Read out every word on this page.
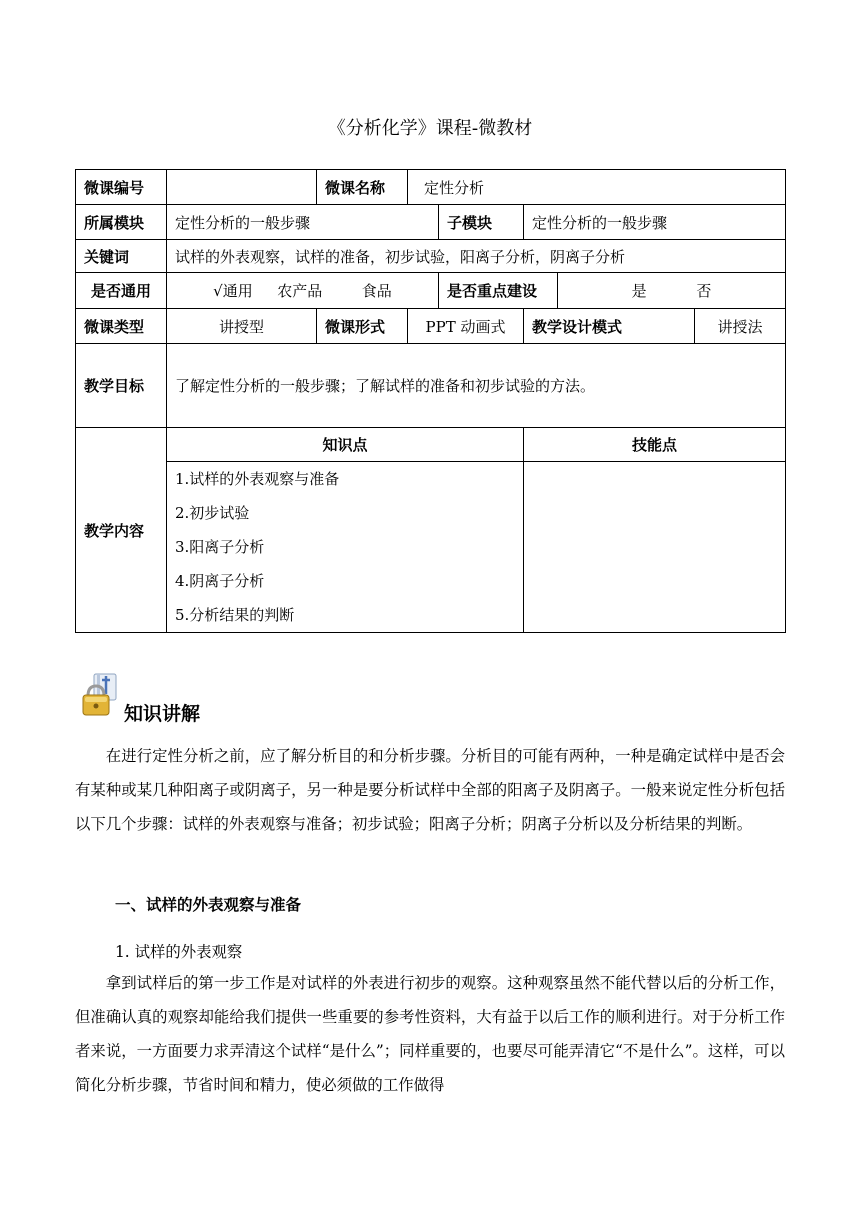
《分析化学》课程-微教材
微课编号		微课名称	定性分析				
所属模块	定性分析的一般步骤			子模块	定性分析的一般步骤		
关键词	试样的外表观察，试样的准备，初步试验，阳离子分析，阴离子分析						
是否通用	√通用 　 农产品 　 　食品			是否重点建设		是　 　　否	
微课类型	讲授型	微课形式	PPT 动画式		教学设计模式		讲授法
教学目标	了解定性分析的一般步骤；了解试样的准备和初步试验的方法。						
教学内容	知识点				技能点		

	1.试样的外表观察与准备
2.初步试验
3.阳离子分析
4.阴离子分析
5.分析结果的判断						

知识讲解

在进行定性分析之前，应了解分析目的和分析步骤。分析目的可能有两种，一种是确定试样中是否会有某种或某几种阳离子或阴离子，另一种是要分析试样中全部的阳离子及阴离子。一般来说定性分析包括以下几个步骤：试样的外表观察与准备；初步试验；阳离子分析；阴离子分析以及分析结果的判断。

一、试样的外表观察与准备
1. 试样的外表观察

拿到试样后的第一步工作是对试样的外表进行初步的观察。这种观察虽然不能代替以后的分析工作，但准确认真的观察却能给我们提供一些重要的参考性资料，大有益于以后工作的顺利进行。对于分析工作者来说，一方面要力求弄清这个试样“是什么”；同样重要的，也要尽可能弄清它“不是什么”。这样，可以简化分析步骤，节省时间和精力，使必须做的工作做得
